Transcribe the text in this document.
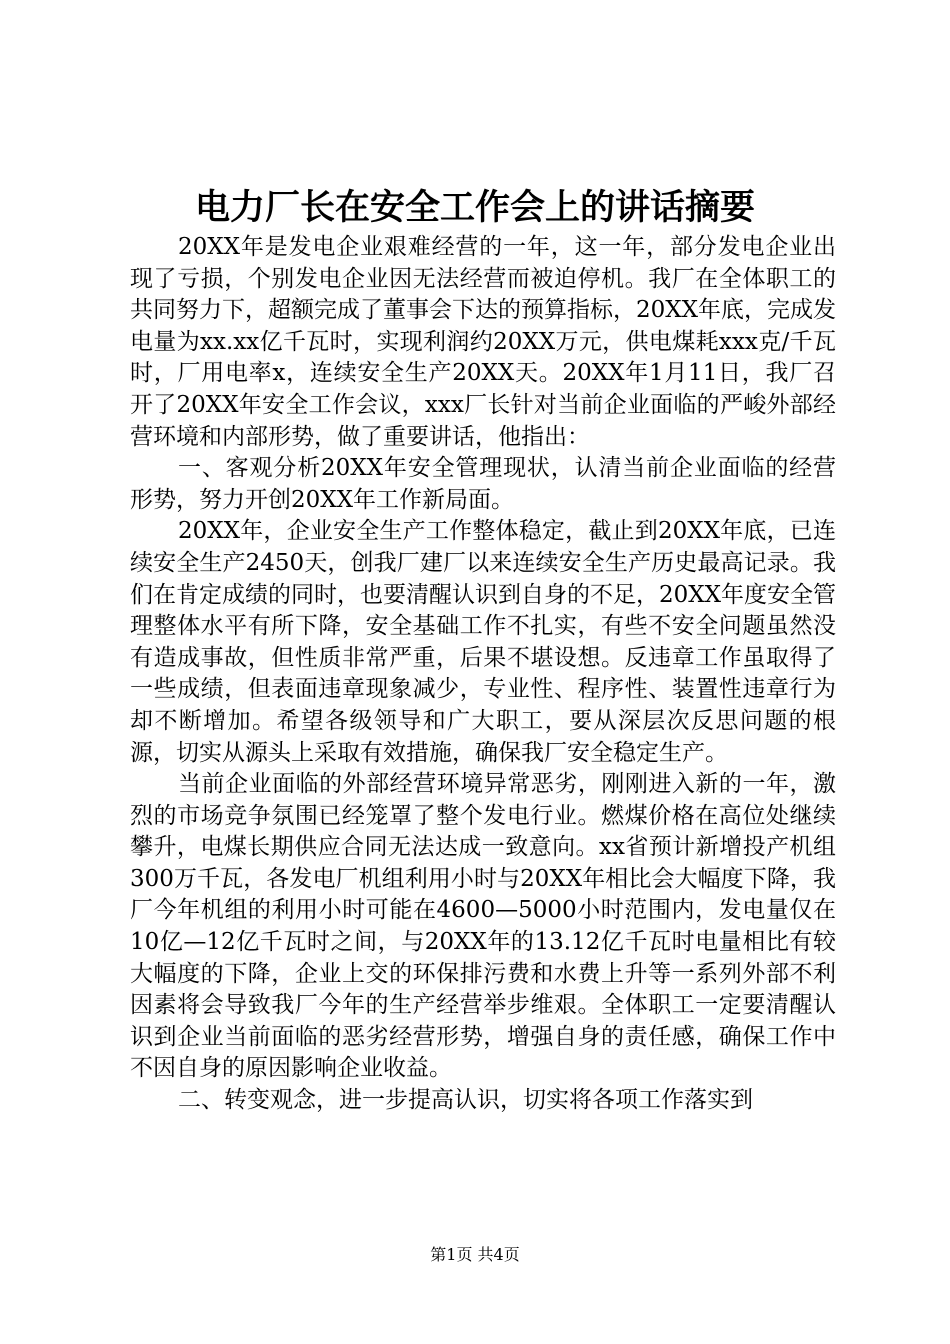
电力厂长在安全工作会上的讲话摘要

20XX年是发电企业艰难经营的一年，这一年，部分发电企业出现了亏损，个别发电企业因无法经营而被迫停机。我厂在全体职工的共同努力下，超额完成了董事会下达的预算指标，20XX年底，完成发电量为xx.xx亿千瓦时，实现利润约20XX万元，供电煤耗xxx克/千瓦时，厂用电率x，连续安全生产20XX天。20XX年1月11日，我厂召开了20XX年安全工作会议，xxx厂长针对当前企业面临的严峻外部经营环境和内部形势，做了重要讲话，他指出：

一、客观分析20XX年安全管理现状，认清当前企业面临的经营形势，努力开创20XX年工作新局面。

20XX年，企业安全生产工作整体稳定，截止到20XX年底，已连续安全生产2450天，创我厂建厂以来连续安全生产历史最高记录。我们在肯定成绩的同时，也要清醒认识到自身的不足，20XX年度安全管理整体水平有所下降，安全基础工作不扎实，有些不安全问题虽然没有造成事故，但性质非常严重，后果不堪设想。反违章工作虽取得了一些成绩，但表面违章现象减少，专业性、程序性、装置性违章行为却不断增加。希望各级领导和广大职工，要从深层次反思问题的根源，切实从源头上采取有效措施，确保我厂安全稳定生产。

当前企业面临的外部经营环境异常恶劣，刚刚进入新的一年，激烈的市场竞争氛围已经笼罩了整个发电行业。燃煤价格在高位处继续攀升，电煤长期供应合同无法达成一致意向。xx省预计新增投产机组300万千瓦，各发电厂机组利用小时与20XX年相比会大幅度下降，我厂今年机组的利用小时可能在4600—5000小时范围内，发电量仅在10亿—12亿千瓦时之间，与20XX年的13.12亿千瓦时电量相比有较大幅度的下降，企业上交的环保排污费和水费上升等一系列外部不利因素将会导致我厂今年的生产经营举步维艰。全体职工一定要清醒认识到企业当前面临的恶劣经营形势，增强自身的责任感，确保工作中不因自身的原因影响企业收益。

二、转变观念，进一步提高认识，切实将各项工作落实到

第1页 共4页
